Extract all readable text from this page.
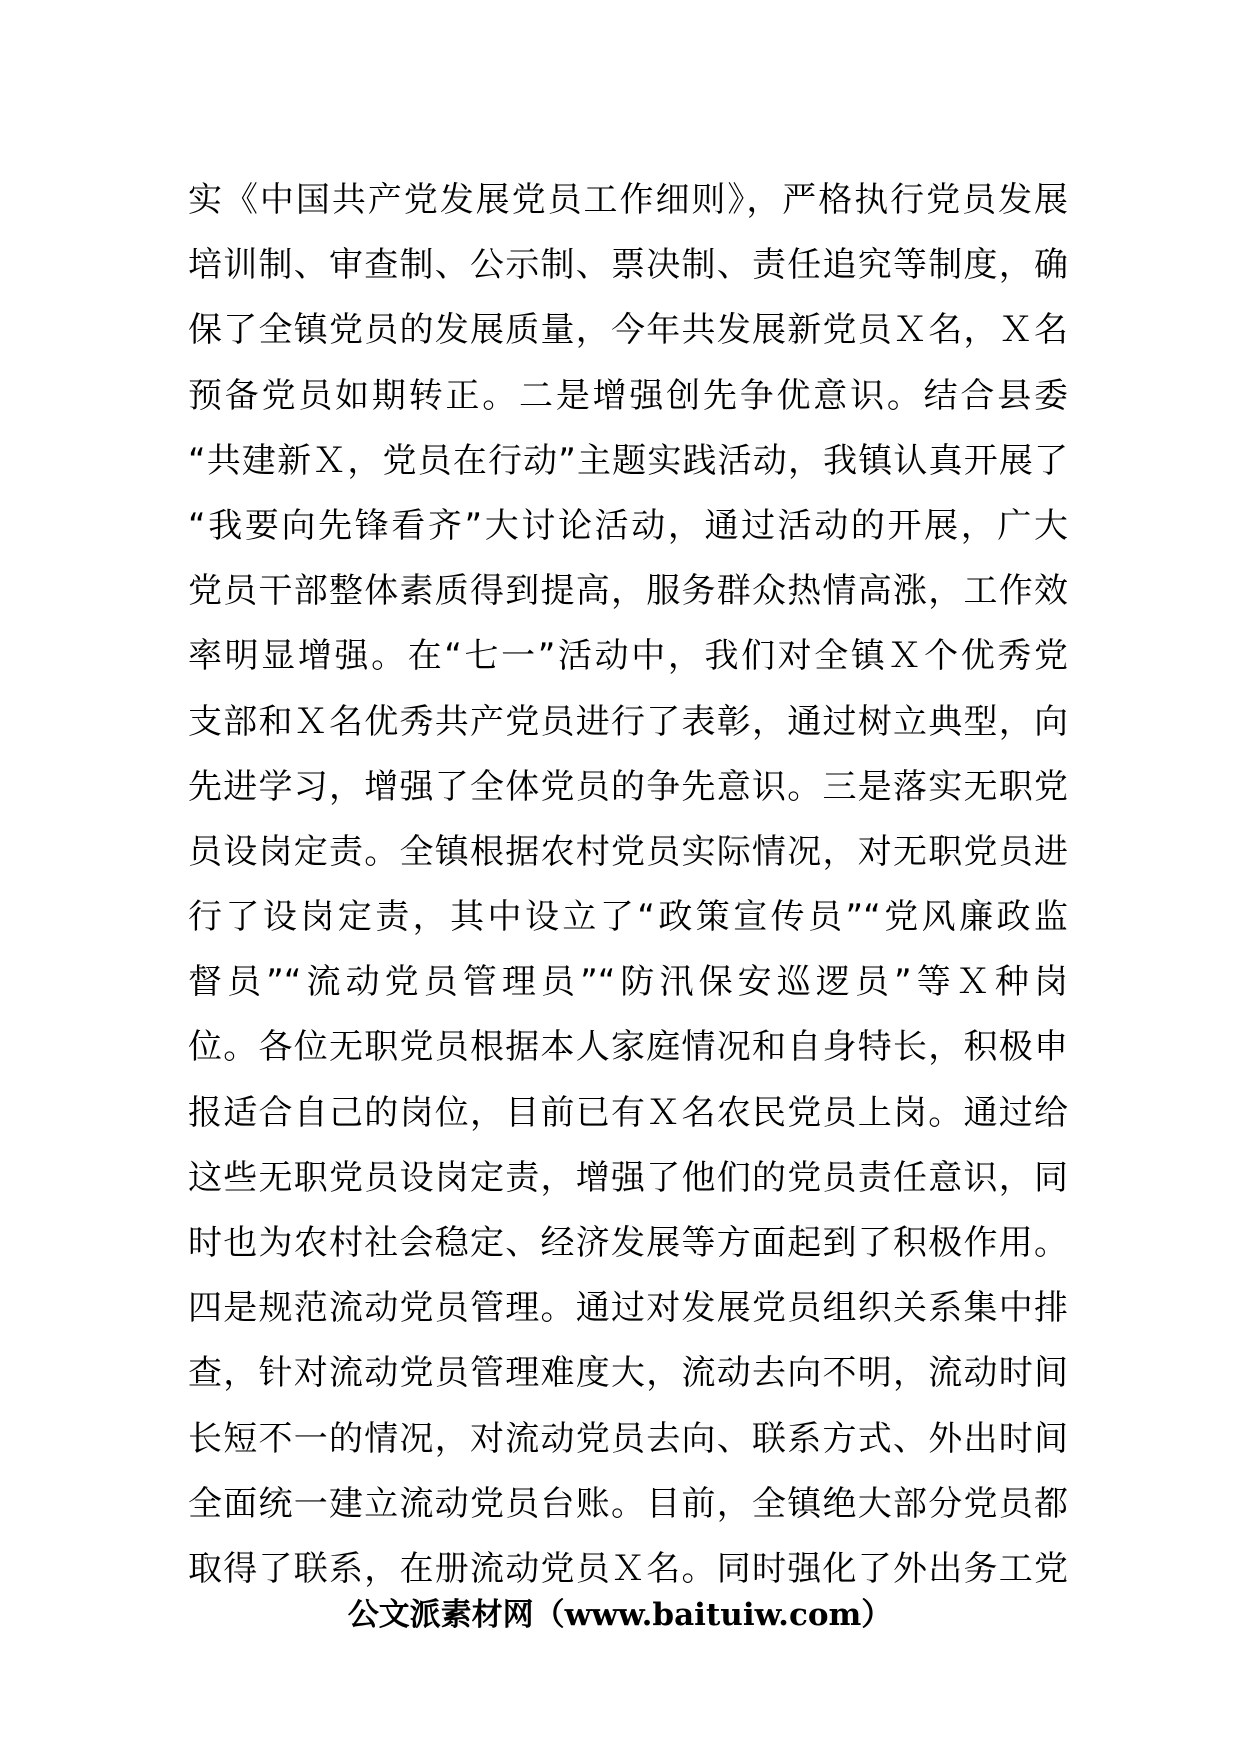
实《中国共产党发展党员工作细则》，严格执行党员发展
培训制、审查制、公示制、票决制、责任追究等制度，确
保了全镇党员的发展质量，今年共发展新党员Ｘ名，Ｘ名
预备党员如期转正。二是增强创先争优意识。结合县委
“共建新Ｘ，党员在行动”主题实践活动，我镇认真开展了
“我要向先锋看齐”大讨论活动，通过活动的开展，广大
党员干部整体素质得到提高，服务群众热情高涨，工作效
率明显增强。在“七一”活动中，我们对全镇Ｘ个优秀党
支部和Ｘ名优秀共产党员进行了表彰，通过树立典型，向
先进学习，增强了全体党员的争先意识。三是落实无职党
员设岗定责。全镇根据农村党员实际情况，对无职党员进
行了设岗定责，其中设立了“政策宣传员”“党风廉政监
督员”“流动党员管理员”“防汛保安巡逻员”等Ｘ种岗
位。各位无职党员根据本人家庭情况和自身特长，积极申
报适合自己的岗位，目前已有Ｘ名农民党员上岗。通过给
这些无职党员设岗定责，增强了他们的党员责任意识，同
时也为农村社会稳定、经济发展等方面起到了积极作用。
四是规范流动党员管理。通过对发展党员组织关系集中排
查，针对流动党员管理难度大，流动去向不明，流动时间
长短不一的情况，对流动党员去向、联系方式、外出时间
全面统一建立流动党员台账。目前，全镇绝大部分党员都
取得了联系，在册流动党员Ｘ名。同时强化了外出务工党
公文派素材网（www.baituiw.com）
